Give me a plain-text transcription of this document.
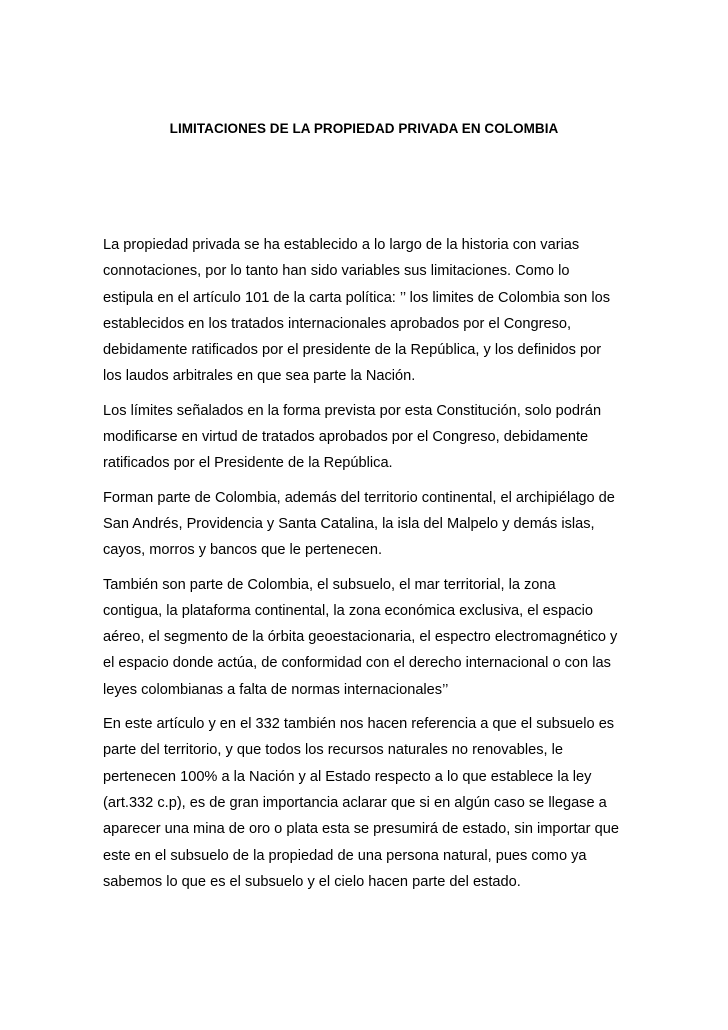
LIMITACIONES DE LA PROPIEDAD PRIVADA EN COLOMBIA

La propiedad privada se ha establecido a lo largo de la historia con varias
connotaciones, por lo tanto han sido variables sus limitaciones. Como lo
estipula en el artículo 101 de la carta política: ’’ los limites de Colombia son los
establecidos en los tratados internacionales aprobados por el Congreso,
debidamente ratificados por el presidente de la República, y los definidos por
los laudos arbitrales en que sea parte la Nación.

Los límites señalados en la forma prevista por esta Constitución, solo podrán
modificarse en virtud de tratados aprobados por el Congreso, debidamente
ratificados por el Presidente de la República.

Forman parte de Colombia, además del territorio continental, el archipiélago de
San Andrés, Providencia y Santa Catalina, la isla del Malpelo y demás islas,
cayos, morros y bancos que le pertenecen.

También son parte de Colombia, el subsuelo, el mar territorial, la zona
contigua, la plataforma continental, la zona económica exclusiva, el espacio
aéreo, el segmento de la órbita geoestacionaria, el espectro electromagnético y
el espacio donde actúa, de conformidad con el derecho internacional o con las
leyes colombianas a falta de normas internacionales’’

En este artículo y en el 332 también nos hacen referencia a que el subsuelo es
parte del territorio, y que todos los recursos naturales no renovables, le
pertenecen 100% a la Nación y al Estado respecto a lo que establece la ley
(art.332 c.p), es de gran importancia aclarar que si en algún caso se llegase a
aparecer una mina de oro o plata esta se presumirá de estado, sin importar que
este en el subsuelo de la propiedad de una persona natural, pues como ya
sabemos lo que es el subsuelo y el cielo hacen parte del estado.
